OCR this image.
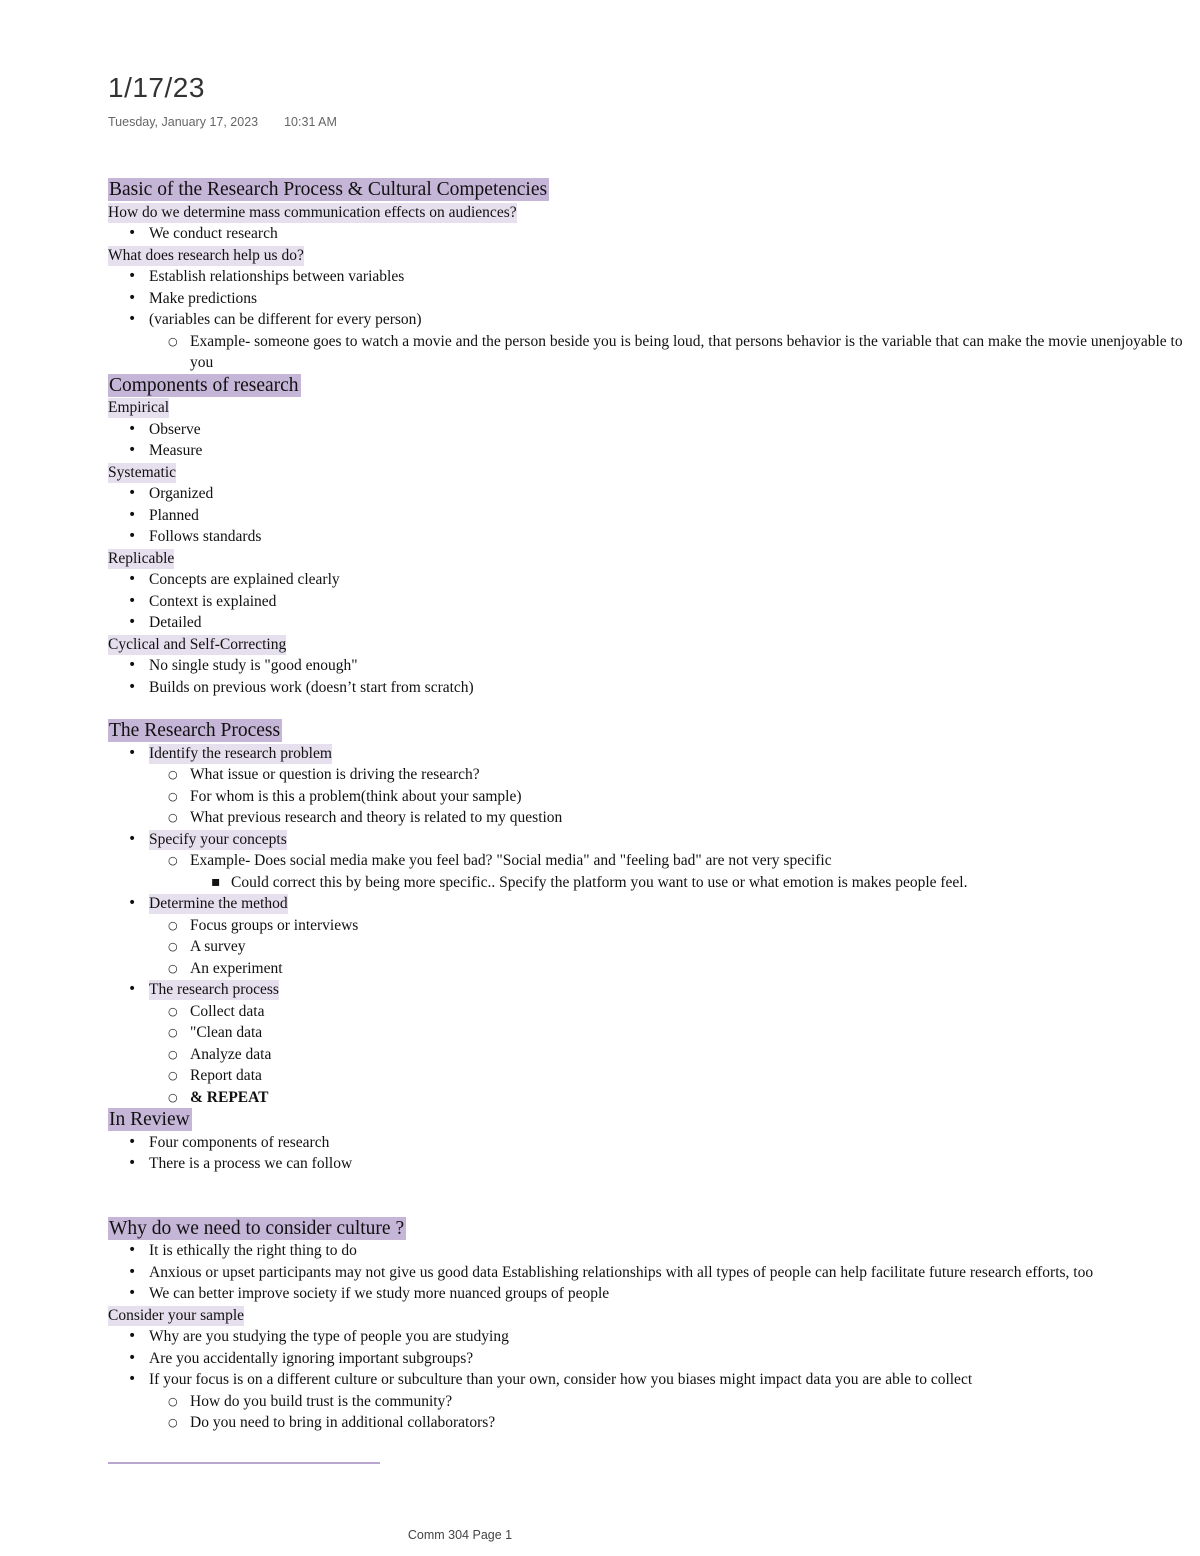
1/17/23
Tuesday, January 17, 2023 10:31 AM
Basic of the Research Process & Cultural Competencies
How do we determine mass communication effects on audiences?
•
We conduct research
What does research help us do?
•
Establish relationships between variables
•
Make predictions
•
(variables can be different for every person)
○
Example- someone goes to watch a movie and the person beside you is being loud, that persons behavior is the variable that can make the movie unenjoyable to you
Components of research
Empirical
•
Observe
•
Measure
Systematic
•
Organized
•
Planned
•
Follows standards
Replicable
•
Concepts are explained clearly
•
Context is explained
•
Detailed
Cyclical and Self-Correcting
•
No single study is "good enough"
•
Builds on previous work (doesn’t start from scratch)
The Research Process
•
Identify the research problem
○
What issue or question is driving the research?
○
For whom is this a problem(think about your sample)
○
What previous research and theory is related to my question
•
Specify your concepts
○
Example- Does social media make you feel bad? "Social media" and "feeling bad" are not very specific
▪
Could correct this by being more specific.. Specify the platform you want to use or what emotion is makes people feel.
•
Determine the method
○
Focus groups or interviews
○
A survey
○
An experiment
•
The research process
○
Collect data
○
"Clean data
○
Analyze data
○
Report data
○
& REPEAT
In Review
•
Four components of research
•
There is a process we can follow
Why do we need to consider culture ?
•
It is ethically the right thing to do
•
Anxious or upset participants may not give us good data Establishing relationships with all types of people can help facilitate future research efforts, too
•
We can better improve society if we study more nuanced groups of people
Consider your sample
•
Why are you studying the type of people you are studying
•
Are you accidentally ignoring important subgroups?
•
If your focus is on a different culture or subculture than your own, consider how you biases might impact data you are able to collect
○
How do you build trust is the community?
○
Do you need to bring in additional collaborators?
Comm 304 Page 1
